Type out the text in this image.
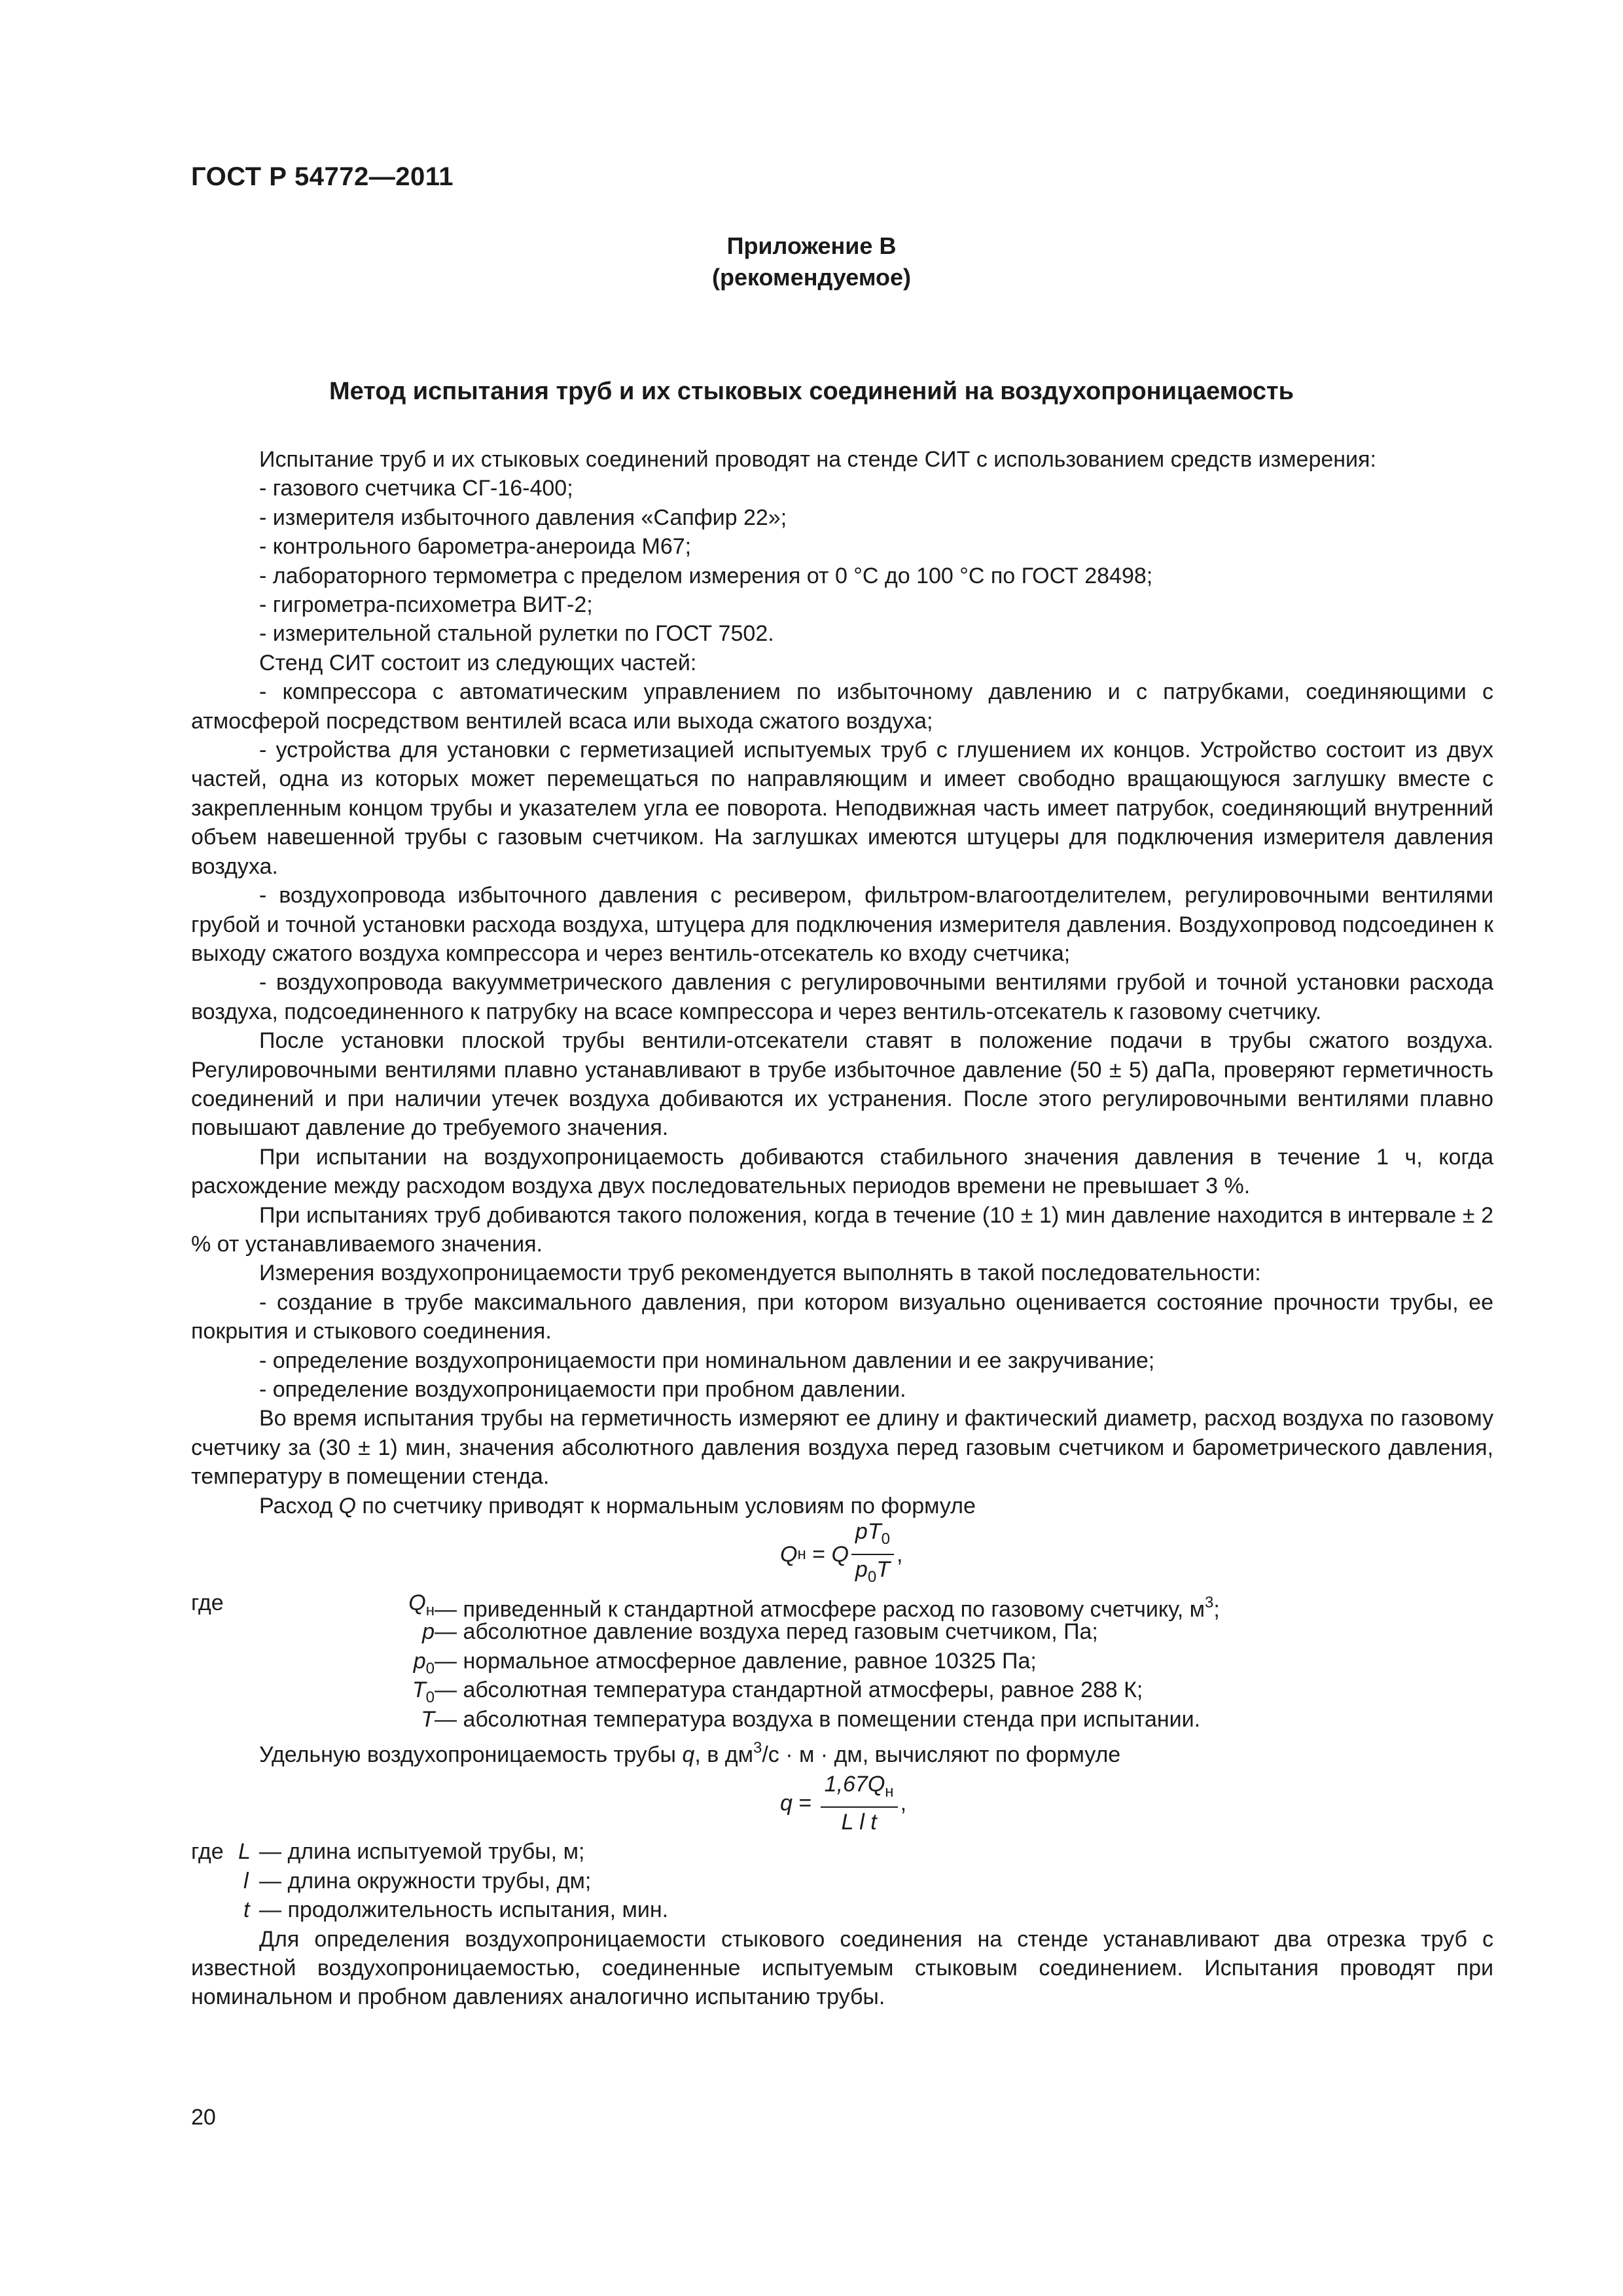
ГОСТ Р 54772—2011
Приложение В
(рекомендуемое)
Метод испытания труб и их стыковых соединений на воздухопроницаемость

Испытание труб и их стыковых соединений проводят на стенде СИТ с использованием средств измерения:

- газового счетчика СГ-16-400;

- измерителя избыточного давления «Сапфир 22»;

- контрольного барометра-анероида М67;

- лабораторного термометра с пределом измерения от 0 °С до 100 °С по ГОСТ 28498;

- гигрометра-психометра ВИТ-2;

- измерительной стальной рулетки по ГОСТ 7502.

Стенд СИТ состоит из следующих частей:

- компрессора с автоматическим управлением по избыточному давлению и с патрубками, соединяющими с атмосферой посредством вентилей всаса или выхода сжатого воздуха;

- устройства для установки с герметизацией испытуемых труб с глушением их концов. Устройство состоит из двух частей, одна из которых может перемещаться по направляющим и имеет свободно вращающуюся заглушку вместе с закрепленным концом трубы и указателем угла ее поворота. Неподвижная часть имеет патрубок, соединяющий внутренний объем навешенной трубы с газовым счетчиком. На заглушках имеются штуцеры для подключения измерителя давления воздуха.

- воздухопровода избыточного давления с ресивером, фильтром-влагоотделителем, регулировочными вентилями грубой и точной установки расхода воздуха, штуцера для подключения измерителя давления. Воздухопровод подсоединен к выходу сжатого воздуха компрессора и через вентиль-отсекатель ко входу счетчика;

- воздухопровода вакуумметрического давления с регулировочными вентилями грубой и точной установки расхода воздуха, подсоединенного к патрубку на всасе компрессора и через вентиль-отсекатель к газовому счетчику.

После установки плоской трубы вентили-отсекатели ставят в положение подачи в трубы сжатого воздуха. Регулировочными вентилями плавно устанавливают в трубе избыточное давление (50 ± 5) даПа, проверяют герметичность соединений и при наличии утечек воздуха добиваются их устранения. После этого регулировочными вентилями плавно повышают давление до требуемого значения.

При испытании на воздухопроницаемость добиваются стабильного значения давления в течение 1 ч, когда расхождение между расходом воздуха двух последовательных периодов времени не превышает 3 %.

При испытаниях труб добиваются такого положения, когда в течение (10 ± 1) мин давление находится в интервале ± 2 % от устанавливаемого значения.

Измерения воздухопроницаемости труб рекомендуется выполнять в такой последовательности:

- создание в трубе максимального давления, при котором визуально оценивается состояние прочности трубы, ее покрытия и стыкового соединения.

- определение воздухопроницаемости при номинальном давлении и ее закручивание;

- определение воздухопроницаемости при пробном давлении.

Во время испытания трубы на герметичность измеряют ее длину и фактический диаметр, расход воздуха по газовому счетчику за (30 ± 1) мин, значения абсолютного давления воздуха перед газовым счетчиком и барометрического давления, температуру в помещении стенда.

Расход Q по счетчику приводят к нормальным условиям по формуле

Q н = Q $\frac{pT_0}{p_0T}$ ,
где	$Q_н$ — приведенный к стандартной атмосфере расход по газовому счетчику, $м^3$;
p — абсолютное давление воздуха перед газовым счетчиком, Па;
$p_0$ — нормальное атмосферное давление, равное 10325 Па;
$T_0$ — абсолютная температура стандартной атмосферы, равное 288 К;
T — абсолютная температура воздуха в помещении стенда при испытании.

Удельную воздухопроницаемость трубы q, в $дм^3/с \cdot м$ · дм, вычисляют по формуле

$q = \frac{1,67Q_н}{\text{L l t}}$ ,
где L — длина испытуемой трубы, м;
l — длина окружности трубы, дм;
t — продолжительность испытания, мин.

Для определения воздухопроницаемости стыкового соединения на стенде устанавливают два отрезка труб с известной воздухопроницаемостью, соединенные испытуемым стыковым соединением. Испытания проводят при номинальном и пробном давлениях аналогично испытанию трубы.

20
